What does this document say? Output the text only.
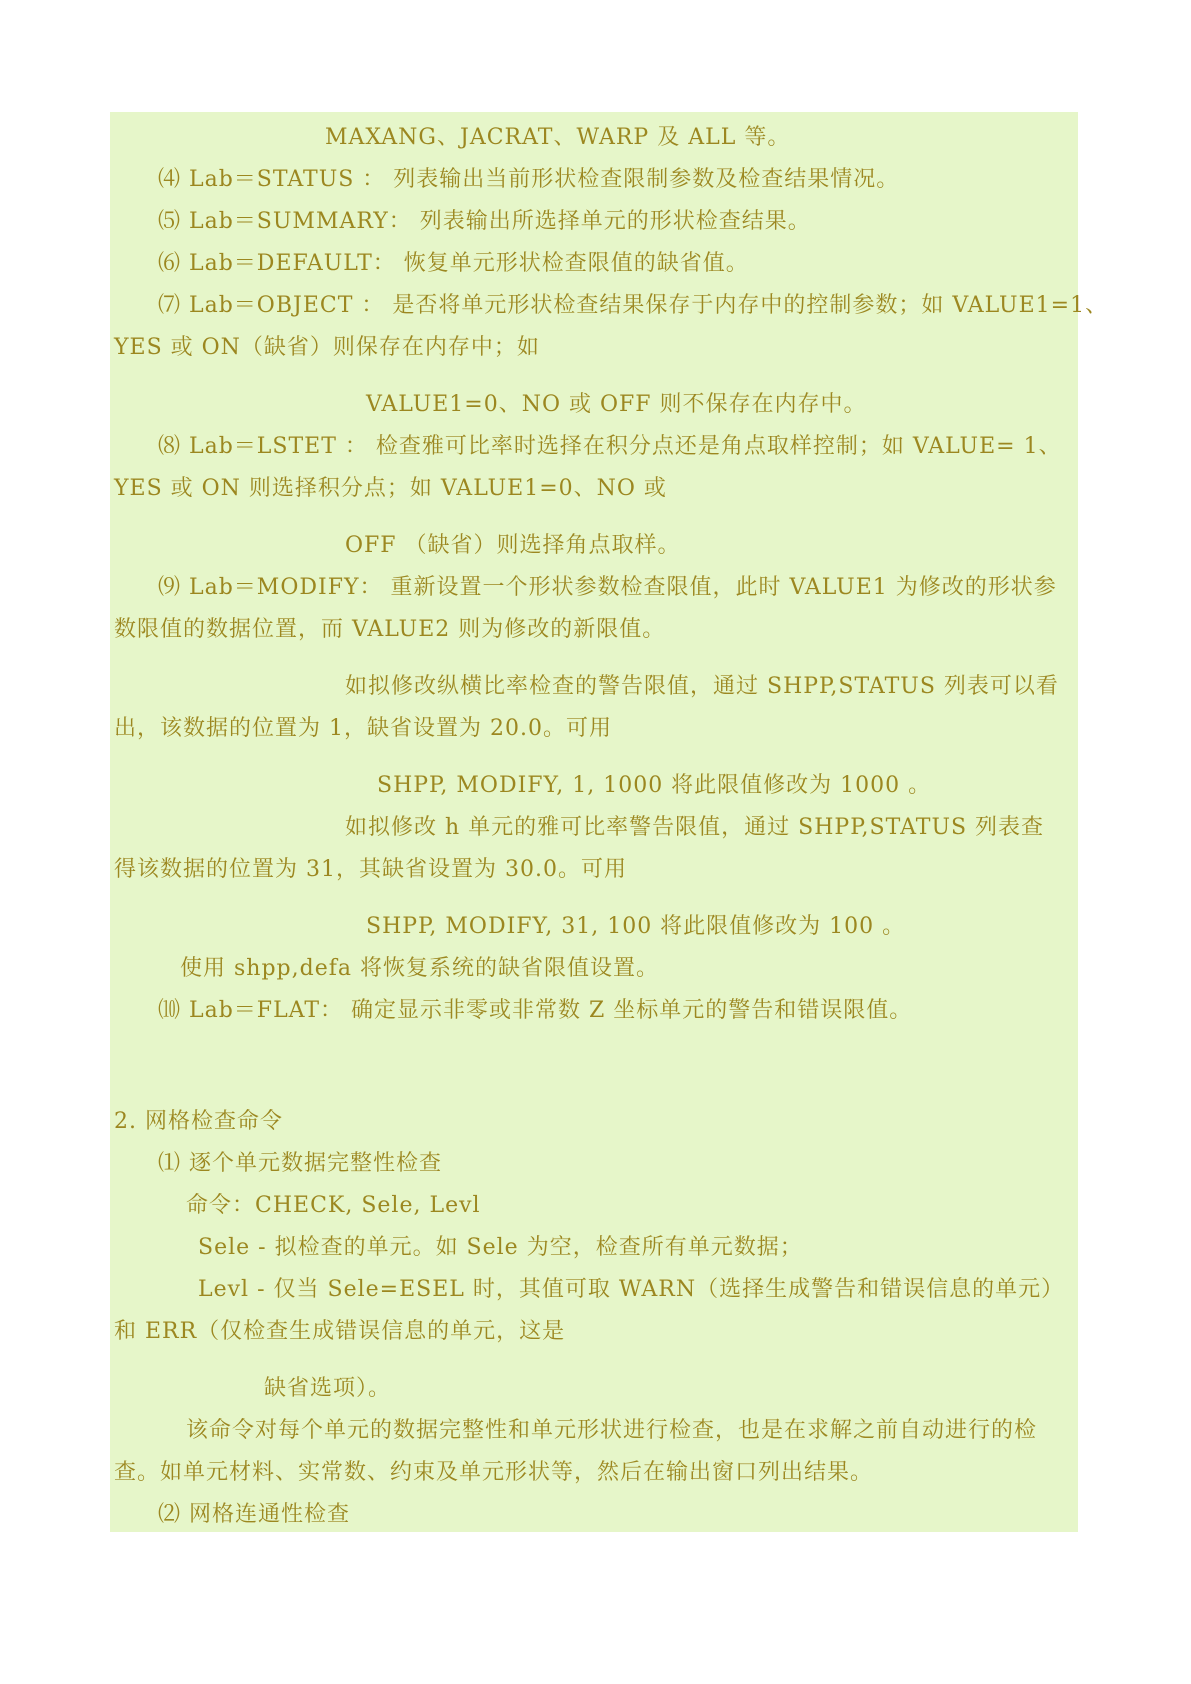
MAXANG、JACRAT、WARP 及 ALL 等。
⑷ Lab＝STATUS ： 列表输出当前形状检查限制参数及检查结果情况。
⑸ Lab＝SUMMARY： 列表输出所选择单元的形状检查结果。
⑹ Lab＝DEFAULT： 恢复单元形状检查限值的缺省值。
⑺ Lab＝OBJECT ： 是否将单元形状检查结果保存于内存中的控制参数；如 VALUE1=1、
YES 或 ON（缺省）则保存在内存中；如
VALUE1=0、NO 或 OFF 则不保存在内存中。
⑻ Lab＝LSTET ： 检查雅可比率时选择在积分点还是角点取样控制；如 VALUE= 1、
YES 或 ON 则选择积分点；如 VALUE1=0、NO 或
OFF （缺省）则选择角点取样。
⑼ Lab＝MODIFY： 重新设置一个形状参数检查限值，此时 VALUE1 为修改的形状参
数限值的数据位置，而 VALUE2 则为修改的新限值。
如拟修改纵横比率检查的警告限值，通过 SHPP,STATUS 列表可以看
出，该数据的位置为 1，缺省设置为 20.0。可用
SHPP, MODIFY, 1, 1000 将此限值修改为 1000 。
如拟修改 h 单元的雅可比率警告限值，通过 SHPP,STATUS 列表查
得该数据的位置为 31，其缺省设置为 30.0。可用
SHPP, MODIFY, 31, 100 将此限值修改为 100 。
使用 shpp,defa 将恢复系统的缺省限值设置。
⑽ Lab＝FLAT： 确定显示非零或非常数 Z 坐标单元的警告和错误限值。
2. 网格检查命令
⑴ 逐个单元数据完整性检查
命令：CHECK, Sele, Levl
Sele - 拟检查的单元。如 Sele 为空，检查所有单元数据；
Levl - 仅当 Sele=ESEL 时，其值可取 WARN（选择生成警告和错误信息的单元）
和 ERR（仅检查生成错误信息的单元，这是
缺省选项）。
该命令对每个单元的数据完整性和单元形状进行检查，也是在求解之前自动进行的检
查。如单元材料、实常数、约束及单元形状等，然后在输出窗口列出结果。
⑵ 网格连通性检查
